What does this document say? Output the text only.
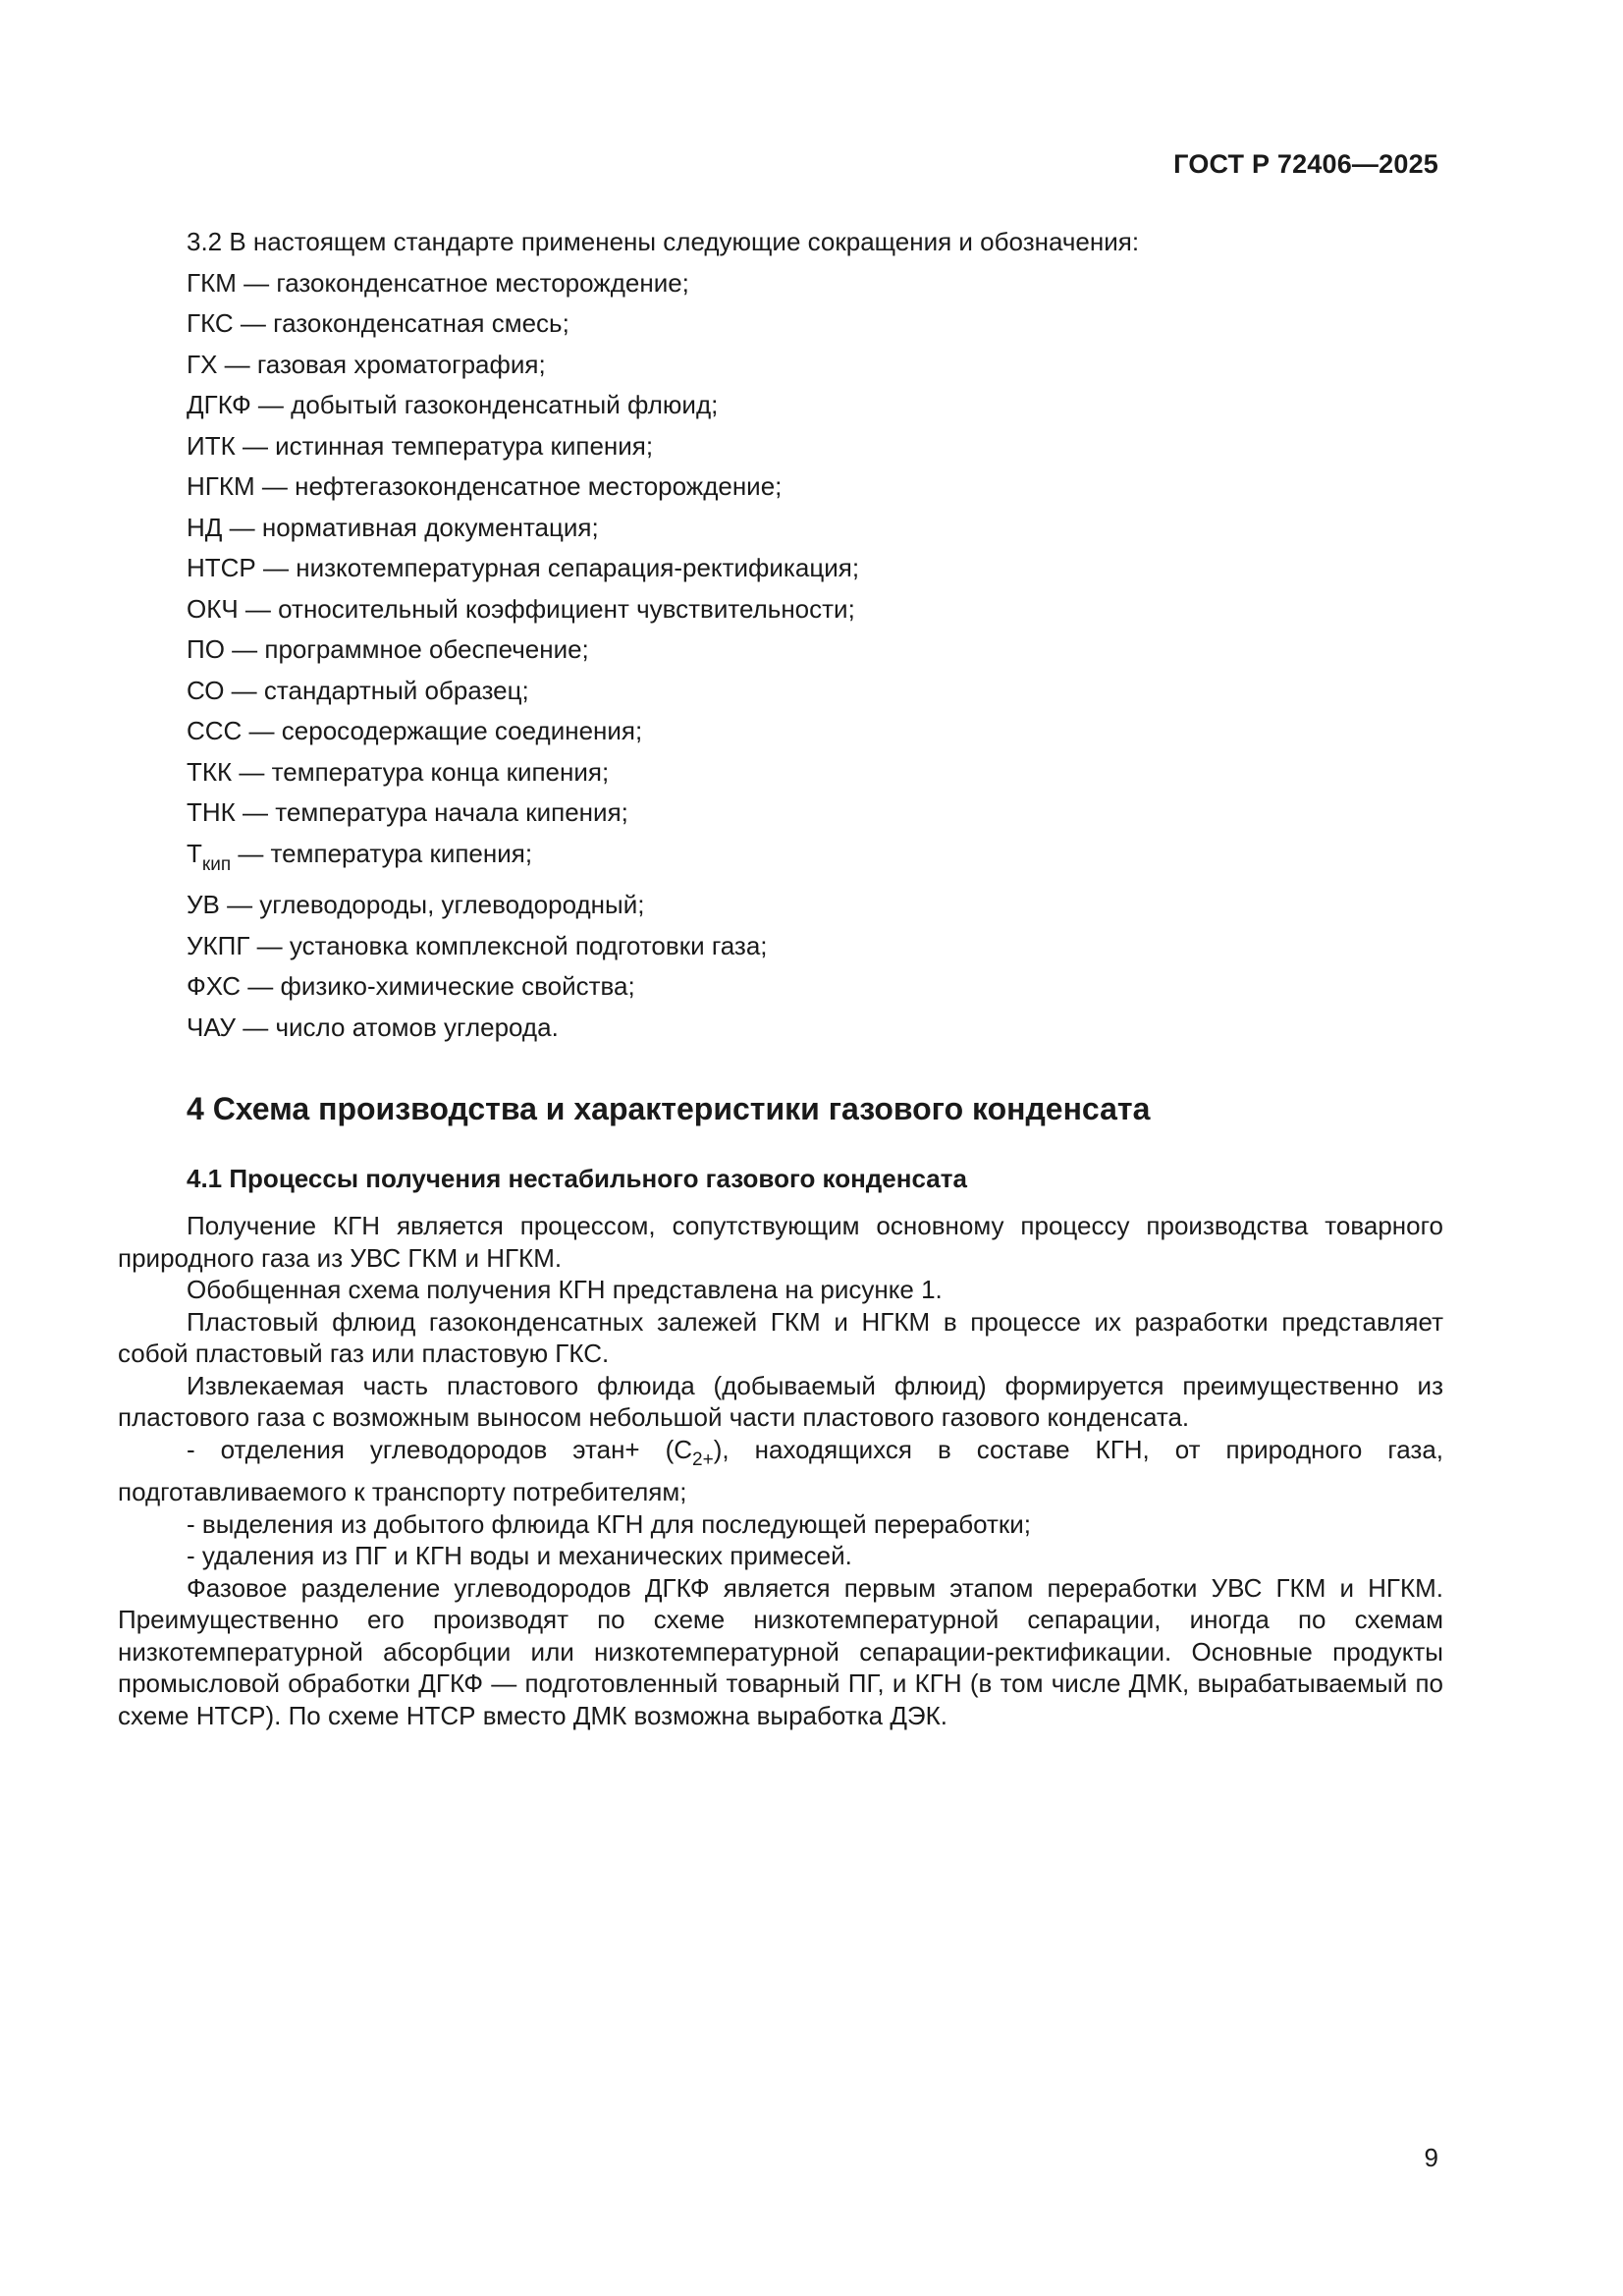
ГОСТ Р 72406—2025
3.2 В настоящем стандарте применены следующие сокращения и обозначения:
ГКМ — газоконденсатное месторождение;
ГКС — газоконденсатная смесь;
ГХ — газовая хроматография;
ДГКФ — добытый газоконденсатный флюид;
ИТК — истинная температура кипения;
НГКМ — нефтегазоконденсатное месторождение;
НД — нормативная документация;
НТСР — низкотемпературная сепарация-ректификация;
ОКЧ — относительный коэффициент чувствительности;
ПО — программное обеспечение;
СО — стандартный образец;
ССС — серосодержащие соединения;
ТКК — температура конца кипения;
ТНК — температура начала кипения;
$Т_{кип}$ — температура кипения;
УВ — углеводороды, углеводородный;
УКПГ — установка комплексной подготовки газа;
ФХС — физико-химические свойства;
ЧАУ — число атомов углерода.
4 Схема производства и характеристики газового конденсата
4.1 Процессы получения нестабильного газового конденсата

Получение КГН является процессом, сопутствующим основному процессу производства товарного природного газа из УВС ГКМ и НГКМ.

Обобщенная схема получения КГН представлена на рисунке 1.

Пластовый флюид газоконденсатных залежей ГКМ и НГКМ в процессе их разработки представляет собой пластовый газ или пластовую ГКС.

Извлекаемая часть пластового флюида (добываемый флюид) формируется преимущественно из пластового газа с возможным выносом небольшой части пластового газового конденсата.

- отделения углеводородов этан+ $(С_{2+})$, находящихся в составе КГН, от природного газа, подготавливаемого к транспорту потребителям;

- выделения из добытого флюида КГН для последующей переработки;

- удаления из ПГ и КГН воды и механических примесей.

Фазовое разделение углеводородов ДГКФ является первым этапом переработки УВС ГКМ и НГКМ. Преимущественно его производят по схеме низкотемпературной сепарации, иногда по схемам низкотемпературной абсорбции или низкотемпературной сепарации-ректификации. Основные продукты промысловой обработки ДГКФ — подготовленный товарный ПГ, и КГН (в том числе ДМК, вырабатываемый по схеме НТСР). По схеме НТСР вместо ДМК возможна выработка ДЭК.

9
